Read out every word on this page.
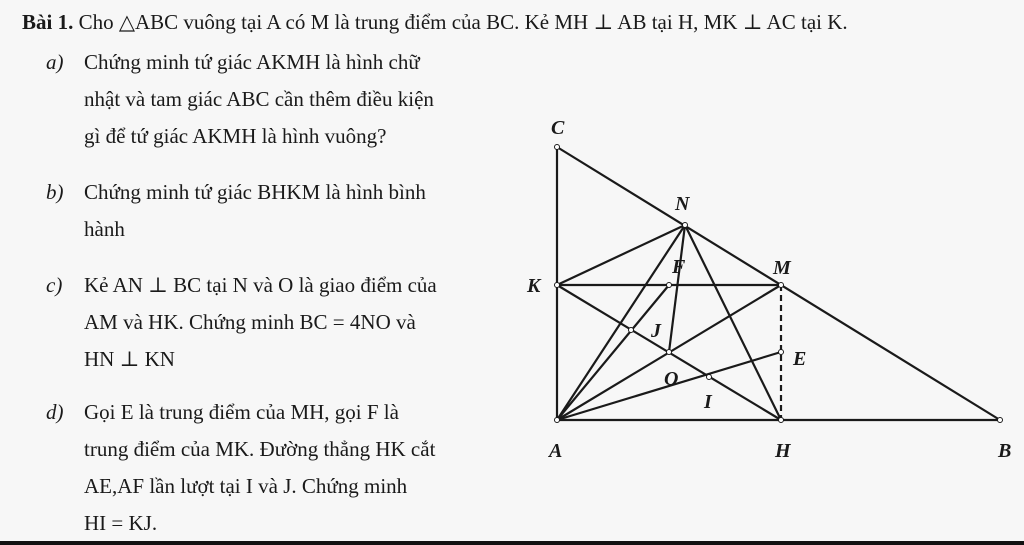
Bài 1. Cho △ABC vuông tại A có M là trung điểm của BC. Kẻ MH ⊥ AB tại H, MK ⊥ AC tại K.
a) Chứng minh tứ giác AKMH là hình chữ
nhật và tam giác ABC cần thêm điều kiện
gì để tứ giác AKMH là hình vuông?
b) Chứng minh tứ giác BHKM là hình bình
hành
c) Kẻ AN ⊥ BC tại N và O là giao điểm của
AM và HK. Chứng minh BC = 4NO và
HN ⊥ KN
d) Gọi E là trung điểm của MH, gọi F là
trung điểm của MK. Đường thẳng HK cắt
AE,AF lần lượt tại I và J. Chứng minh
HI = KJ.
C
N
F	M
K
J
E
O
I
A	H	B
